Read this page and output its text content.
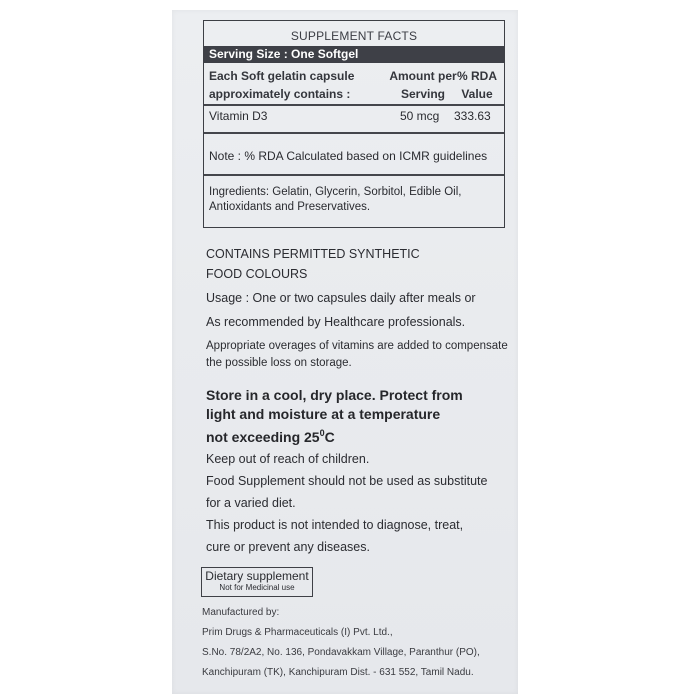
SUPPLEMENT FACTS
Serving Size : One Softgel
Each Soft gelatin capsule
approximately contains :
Amount per
Serving
% RDA
Value
Vitamin D3	50 mcg 333.63
Note : % RDA Calculated based on ICMR guidelines
Ingredients: Gelatin, Glycerin, Sorbitol, Edible Oil,
Antioxidants and Preservatives.
CONTAINS PERMITTED SYNTHETIC
FOOD COLOURS
Usage : One or two capsules daily after meals or
As recommended by Healthcare professionals.
Appropriate overages of vitamins are added to compensate
the possible loss on storage.
Store in a cool, dry place. Protect from
light and moisture at a temperature
not exceeding $25^0C$
Keep out of reach of children.
Food Supplement should not be used as substitute
for a varied diet.
This product is not intended to diagnose, treat,
cure or prevent any diseases.
Dietary supplement
Not for Medicinal use
Manufactured by:
Prim Drugs & Pharmaceuticals (I) Pvt. Ltd.,
S.No. 78/2A2, No. 136, Pondavakkam Village, Paranthur (PO),
Kanchipuram (TK), Kanchipuram Dist. - 631 552, Tamil Nadu.
